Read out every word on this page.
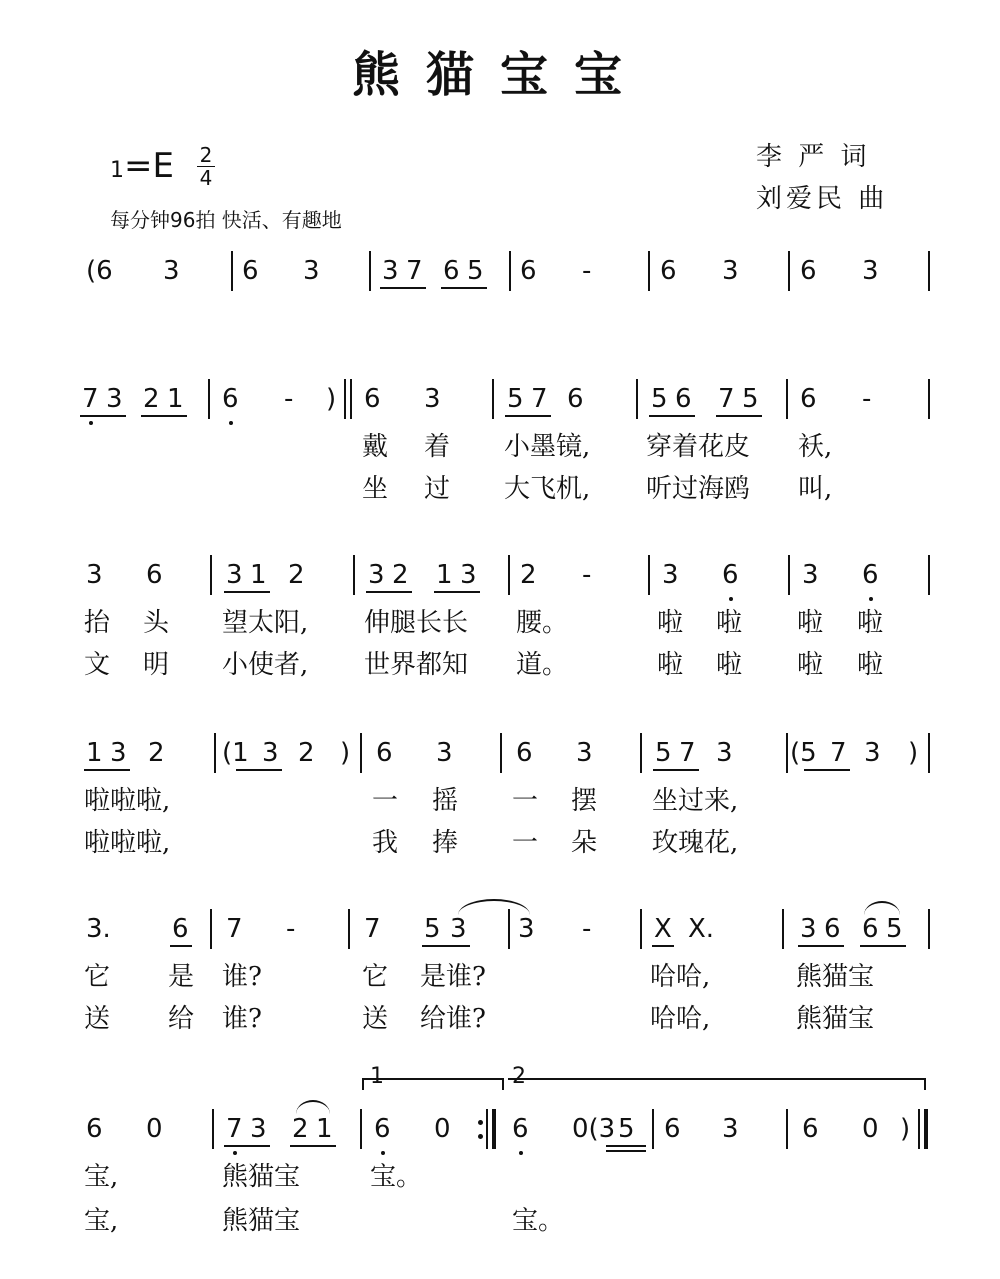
熊猫宝宝
1=E 2
4
每分钟96拍 快活、有趣地
李 严 词
刘爱民 曲
(6 3 6 3 3 7 6 5 6 -	6 3 6 3
7 3 2 1 6 - ) 6 3	5 7 6	5 6 7 5 6 -
戴 着 小墨镜, 穿着花皮 袄,
坐 过 大飞机, 听过海鸥 叫,
3 6 3 1 2 3 2 1 3 2 -	3 6 3 6
抬 头 望太阳, 伸腿长长 腰。	啦 啦 啦 啦
文 明 小使者, 世界都知 道。	啦 啦 啦 啦
1 3 2 (1 3 2 ) 6 3 6 3 5 7 3 (5 7 3 )
啦啦啦,	一 摇 一 摆 坐过来,
啦啦啦,	我 捧 一 朵 玫瑰花,
3. 6 7 -	7 5 3 3 - X X.	3 6 6 5
它 是 谁?	它 是谁?	哈哈,	熊猫宝
送 给 谁?	送 给谁?	哈哈,	熊猫宝
1	2
6 0 7 3 2 1 6 0 6 0(3 5 6 3 6 0 )
宝,	熊猫宝	宝。
宝,	熊猫宝	宝。
